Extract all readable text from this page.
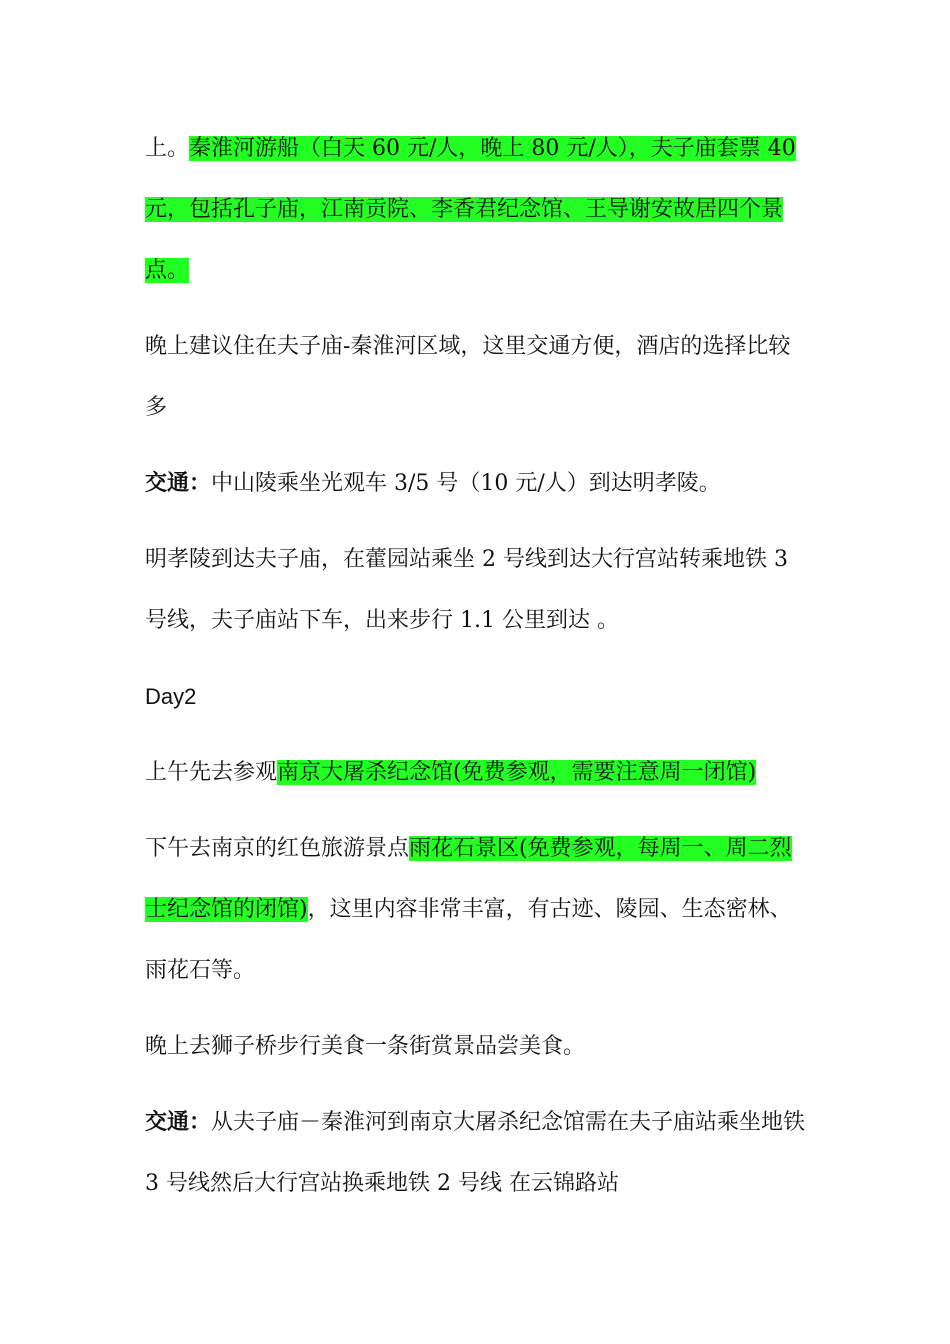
上。秦淮河游船（白天 60 元/人，晚上 80 元/人），夫子庙套票 40 元，包括孔子庙，江南贡院、李香君纪念馆、王导谢安故居四个景点。

晚上建议住在夫子庙-秦淮河区域，这里交通方便，酒店的选择比较多

交通：中山陵乘坐光观车 3/5 号（10 元/人）到达明孝陵。

明孝陵到达夫子庙，在藿园站乘坐 2 号线到达大行宫站转乘地铁 3 号线，夫子庙站下车，出来步行 1.1 公里到达 。

Day2

上午先去参观南京大屠杀纪念馆(免费参观，需要注意周一闭馆)

下午去南京的红色旅游景点雨花石景区(免费参观，每周一、周二烈士纪念馆的闭馆)，这里内容非常丰富，有古迹、陵园、生态密林、雨花石等。

晚上去狮子桥步行美食一条街赏景品尝美食。

交通：从夫子庙－秦淮河到南京大屠杀纪念馆需在夫子庙站乘坐地铁 3 号线然后大行宫站换乘地铁 2 号线 在云锦路站
